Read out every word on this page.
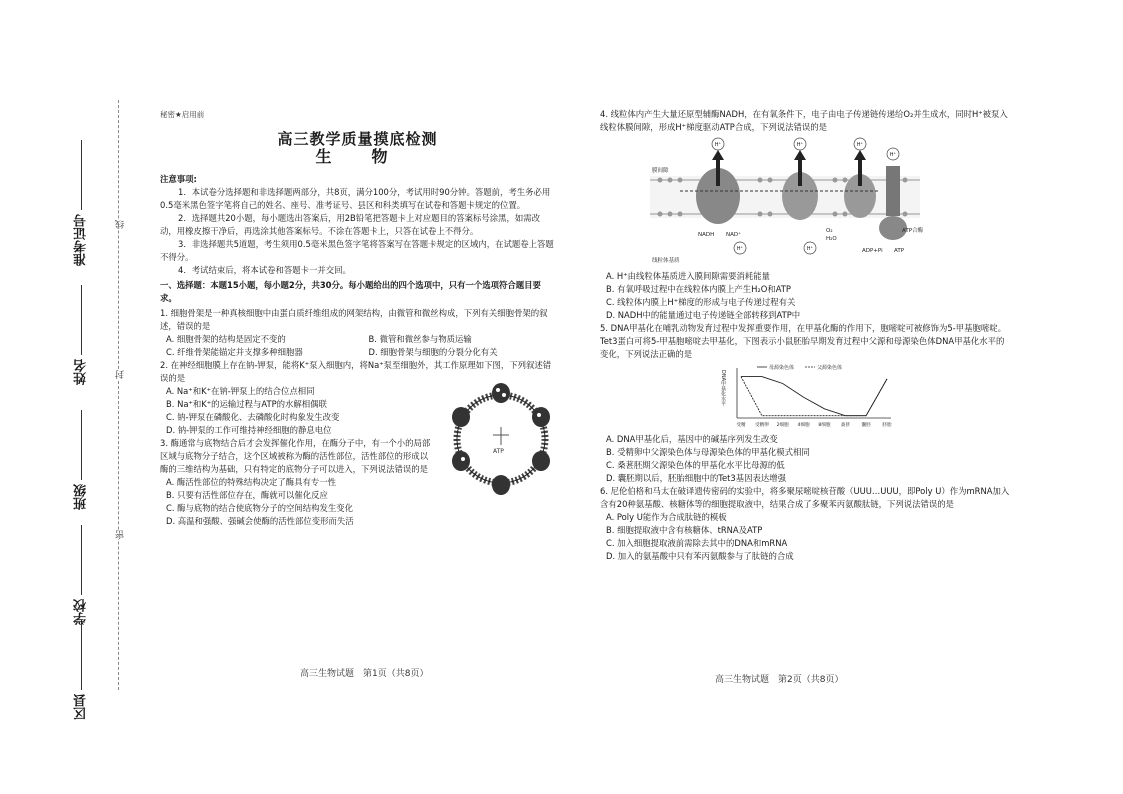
区县
学校
班级
姓名
准考证号
密
封
线
秘密★启用前
高三教学质量摸底检测
生　物
注意事项:

1．本试卷分选择题和非选择题两部分，共8页，满分100分，考试用时90分钟。答题前，考生务必用0.5毫米黑色签字笔将自己的姓名、座号、准考证号、县区和科类填写在试卷和答题卡规定的位置。

2．选择题共20小题，每小题选出答案后，用2B铅笔把答题卡上对应题目的答案标号涂黑，如需改动，用橡皮擦干净后，再选涂其他答案标号。不涂在答题卡上，只答在试卷上不得分。

3．非选择题共5道题，考生须用0.5毫米黑色签字笔将答案写在答题卡规定的区域内，在试题卷上答题不得分。

4．考试结束后，将本试卷和答题卡一并交回。

一、选择题：本题15小题，每小题2分，共30分。每小题给出的四个选项中，只有一个选项符合题目要求。

1. 细胞骨架是一种真核细胞中由蛋白质纤维组成的网架结构，由微管和微丝构成，下列有关细胞骨架的叙述，错误的是

A. 细胞骨架的结构是固定不变的	B. 微管和微丝参与物质运输
C. 纤维骨架能锚定并支撑多种细胞器	D. 细胞骨架与细胞的分裂分化有关
ATP

2. 在神经细胞膜上存在钠-钾泵，能将K⁺泵入细胞内，将Na⁺泵至细胞外，其工作原理如下图，下列叙述错误的是

A. Na⁺和K⁺在钠-钾泵上的结合位点相同
B. Na⁺和K⁺的运输过程与ATP的水解相偶联
C. 钠-钾泵在磷酸化、去磷酸化时构象发生改变
D. 钠-钾泵的工作可维持神经细胞的静息电位

3. 酶通常与底物结合后才会发挥催化作用，在酶分子中，有一个小的局部区域与底物分子结合，这个区域被称为酶的活性部位，活性部位的形成以酶的三维结构为基础，只有特定的底物分子可以进入，下列说法错误的是

A. 酶活性部位的特殊结构决定了酶具有专一性
B. 只要有活性部位存在，酶就可以催化反应
C. 酶与底物的结合使底物分子的空间结构发生变化
D. 高温和强酸、强碱会使酶的活性部位变形而失活

4. 线粒体内产生大量还原型辅酶NADH，在有氧条件下，电子由电子传递链传递给O₂并生成水，同时H⁺被泵入线粒体膜间隙，形成H⁺梯度驱动ATP合成，下列说法错误的是

H⁺	H⁺	H⁺
H⁺
H⁺	H⁺
膜间隙
线粒体基质
NADH NAD⁺
O₂
H₂O
ADP+Pi ATP
ATP合酶
A. H⁺由线粒体基质进入膜间隙需要消耗能量
B. 有氧呼吸过程中在线粒体内膜上产生H₂O和ATP
C. 线粒体内膜上H⁺梯度的形成与电子传递过程有关
D. NADH中的能量通过电子传递链全部转移到ATP中

5. DNA甲基化在哺乳动物发育过程中发挥重要作用，在甲基化酶的作用下，胞嘧啶可被修饰为5-甲基胞嘧啶。Tet3蛋白可将5-甲基胞嘧啶去甲基化，下图表示小鼠胚胎早期发育过程中父源和母源染色体DNA甲基化水平的变化，下列说法正确的是

DNA甲基化水平
母源染色体	父源染色体
受精 受精卵 2细胞 4细胞 8细胞 桑葚	囊胚	胚胎
A. DNA甲基化后，基因中的碱基序列发生改变
B. 受精卵中父源染色体与母源染色体的甲基化模式相同
C. 桑葚胚期父源染色体的甲基化水平比母源的低
D. 囊胚期以后，胚胎细胞中的Tet3基因表达增强

6. 尼伦伯格和马太在破译遗传密码的实验中，将多聚尿嘧啶核苷酸（UUU…UUU，即Poly U）作为mRNA加入含有20种氨基酸、核糖体等的细胞提取液中，结果合成了多聚苯丙氨酸肽链，下列说法错误的是

A. Poly U能作为合成肽链的模板
B. 细胞提取液中含有核糖体、tRNA及ATP
C. 加入细胞提取液前需除去其中的DNA和mRNA
D. 加入的氨基酸中只有苯丙氨酸参与了肽链的合成
高三生物试题　第1页（共8页）
高三生物试题　第2页（共8页）
